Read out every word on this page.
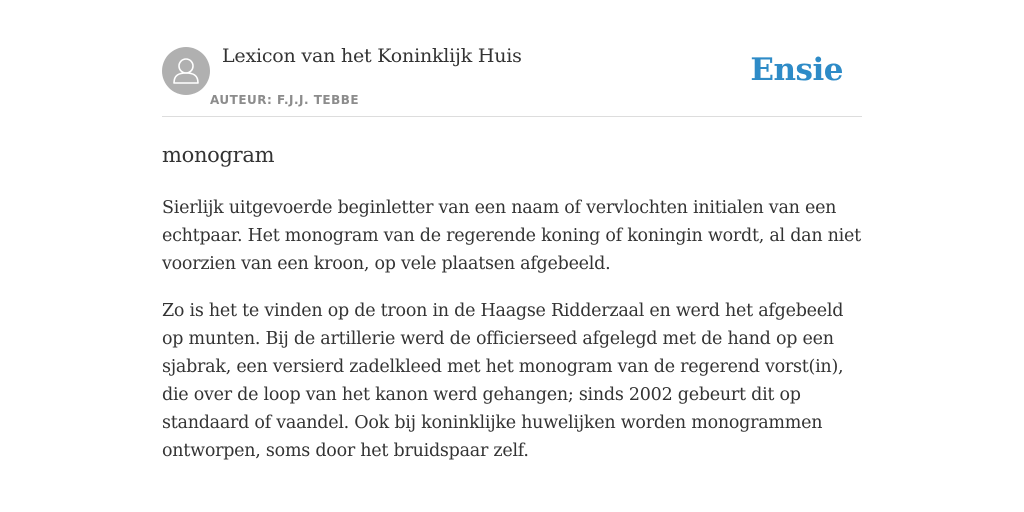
Lexicon van het Koninklijk Huis
AUTEUR: F.J.J. TEBBE
Ensie
monogram

Sierlijk uitgevoerde beginletter van een naam of vervlochten initialen van een echtpaar. Het monogram van de regerende koning of koningin wordt, al dan niet voorzien van een kroon, op vele plaatsen afgebeeld.

Zo is het te vinden op de troon in de Haagse Ridderzaal en werd het afgebeeld op munten. Bij de artillerie werd de officierseed afgelegd met de hand op een sjabrak, een versierd zadelkleed met het monogram van de regerend vorst(in), die over de loop van het kanon werd gehangen; sinds 2002 gebeurt dit op standaard of vaandel. Ook bij koninklijke huwelijken worden monogrammen ontworpen, soms door het bruidspaar zelf.
